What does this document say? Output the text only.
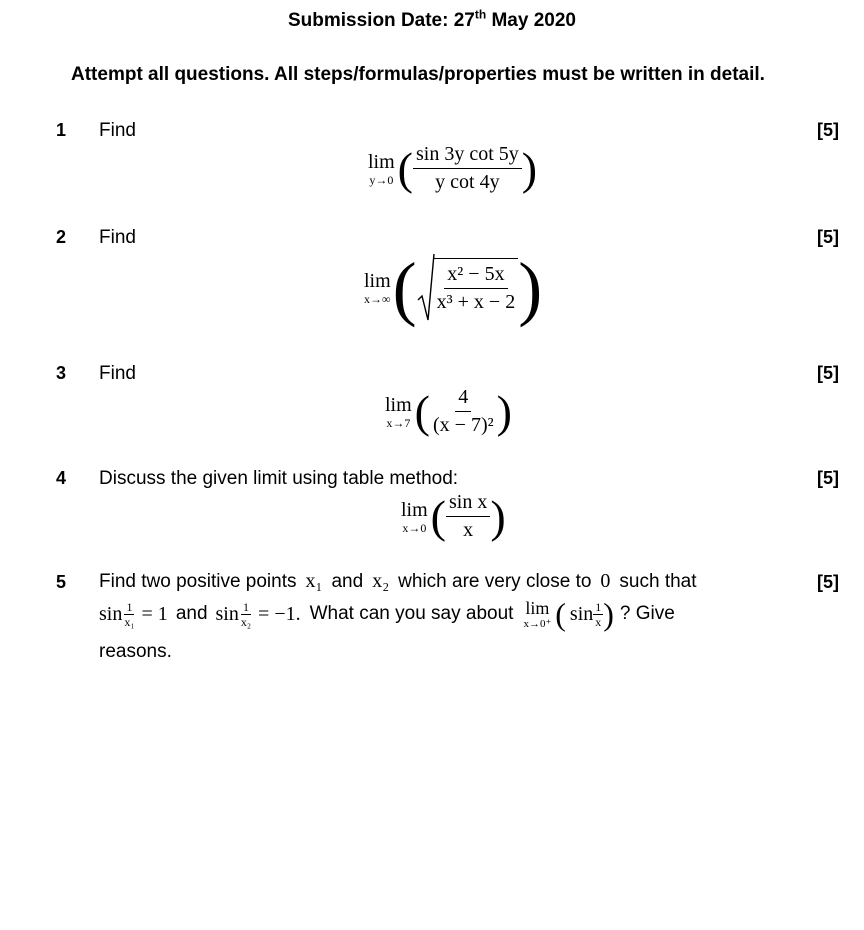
Submission Date: 27th May 2020
Attempt all questions. All steps/formulas/properties must be written in detail.
1 Find	[5]
lim
y→0 ( $\frac{\text{sin 3y cot 5y}}{\text{y cot 4y}}$ )
2 Find	[5]
lim
x→∞ ( $\frac{\text{x² − 5x}}{\text{x³ + x − 2}}$ )
3 Find	[5]
lim
x→7 ( $\frac{4}{\text{(x − 7)²}}$ )
4 Discuss the given limit using table method:	[5]
lim
x→0 ( $\frac{\text{sin x}}{x}$ )
5	[5]
Find two positive points x₁ and x₂ which are very close to 0 such that
$\sin \frac{1}{\text{x₁}} = 1$ and $\sin \frac{1}{\text{x₂}} = -1$. What can you say about lim
x→0⁺ ( $\sin \frac{1}{x}$ ) ? Give
reasons.
